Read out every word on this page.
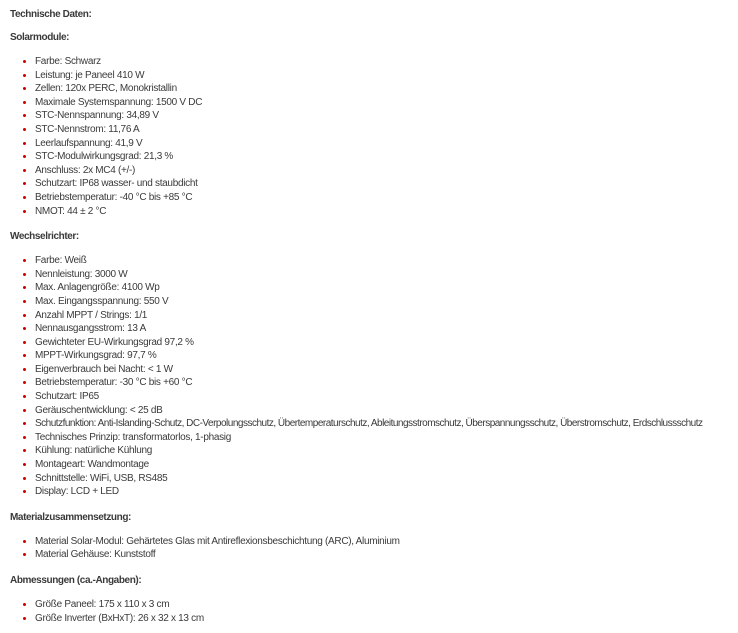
Technische Daten:
Solarmodule:
• Farbe: Schwarz
• Leistung: je Paneel 410 W
• Zellen: 120x PERC, Monokristallin
• Maximale Systemspannung: 1500 V DC
• STC-Nennspannung: 34,89 V
• STC-Nennstrom: 11,76 A
• Leerlaufspannung: 41,9 V
• STC-Modulwirkungsgrad: 21,3 %
• Anschluss: 2x MC4 (+/-)
• Schutzart: IP68 wasser- und staubdicht
• Betriebstemperatur: -40 °C bis +85 °C
• NMOT: 44 ± 2 °C
Wechselrichter:
• Farbe: Weiß
• Nennleistung: 3000 W
• Max. Anlagengröße: 4100 Wp
• Max. Eingangsspannung: 550 V
• Anzahl MPPT / Strings: 1/1
• Nennausgangsstrom: 13 A
• Gewichteter EU-Wirkungsgrad 97,2 %
• MPPT-Wirkungsgrad: 97,7 %
• Eigenverbrauch bei Nacht: < 1 W
• Betriebstemperatur: -30 °C bis +60 °C
• Schutzart: IP65
• Geräuschentwicklung: < 25 dB
• Schutzfunktion: Anti-Islanding-Schutz, DC-Verpolungsschutz, Übertemperaturschutz, Ableitungsstromschutz, Überspannungsschutz, Überstromschutz, Erdschlussschutz
• Technisches Prinzip: transformatorlos, 1-phasig
• Kühlung: natürliche Kühlung
• Montageart: Wandmontage
• Schnittstelle: WiFi, USB, RS485
• Display: LCD + LED
Materialzusammensetzung:
• Material Solar-Modul: Gehärtetes Glas mit Antireflexionsbeschichtung (ARC), Aluminium
• Material Gehäuse: Kunststoff
Abmessungen (ca.-Angaben):
• Größe Paneel: 175 x 110 x 3 cm
• Größe Inverter (BxHxT): 26 x 32 x 13 cm
